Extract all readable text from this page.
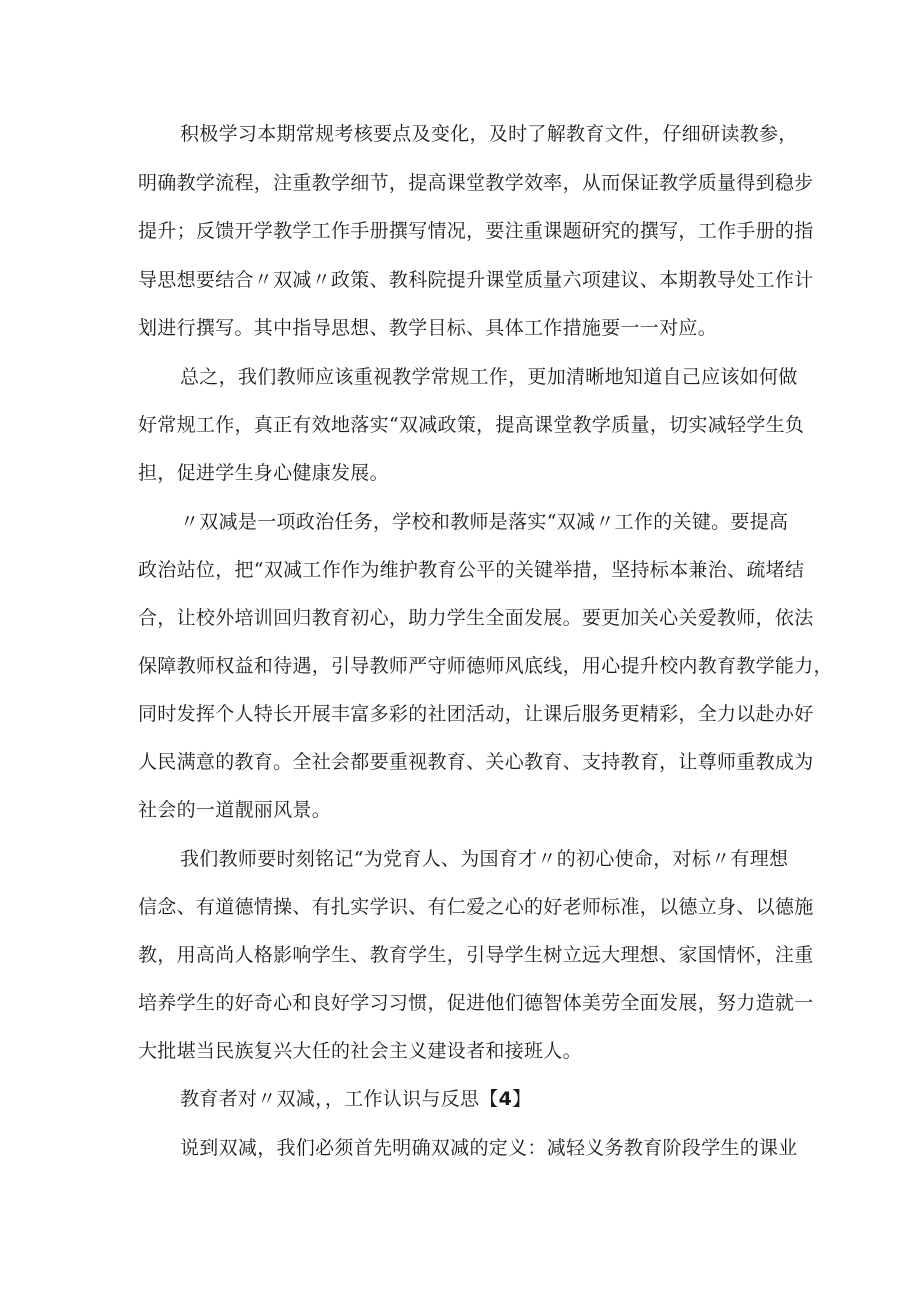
积极学习本期常规考核要点及变化，及时了解教育文件，仔细研读教参，
明确教学流程，注重教学细节，提高课堂教学效率，从而保证教学质量得到稳步
提升；反馈开学教学工作手册撰写情况，要注重课题研究的撰写，工作手册的指
导思想要结合〃双减〃政策、教科院提升课堂质量六项建议、本期教导处工作计
划进行撰写。其中指导思想、教学目标、具体工作措施要一一对应。
总之，我们教师应该重视教学常规工作，更加清晰地知道自己应该如何做
好常规工作，真正有效地落实“双减政策，提高课堂教学质量，切实减轻学生负
担，促进学生身心健康发展。
〃双减是一项政治任务，学校和教师是落实“双减〃工作的关键。要提高
政治站位，把“双减工作作为维护教育公平的关键举措，坚持标本兼治、疏堵结
合，让校外培训回归教育初心，助力学生全面发展。要更加关心关爱教师，依法
保障教师权益和待遇，引导教师严守师德师风底线，用心提升校内教育教学能力，
同时发挥个人特长开展丰富多彩的社团活动，让课后服务更精彩，全力以赴办好
人民满意的教育。全社会都要重视教育、关心教育、支持教育，让尊师重教成为
社会的一道靓丽风景。
我们教师要时刻铭记“为党育人、为国育才〃的初心使命，对标〃有理想
信念、有道德情操、有扎实学识、有仁爱之心的好老师标准，以德立身、以德施
教，用高尚人格影响学生、教育学生，引导学生树立远大理想、家国情怀，注重
培养学生的好奇心和良好学习习惯，促进他们德智体美劳全面发展，努力造就一
大批堪当民族复兴大任的社会主义建设者和接班人。
教育者对〃双减，，工作认识与反思【4】
说到双减，我们必须首先明确双减的定义：减轻义务教育阶段学生的课业
